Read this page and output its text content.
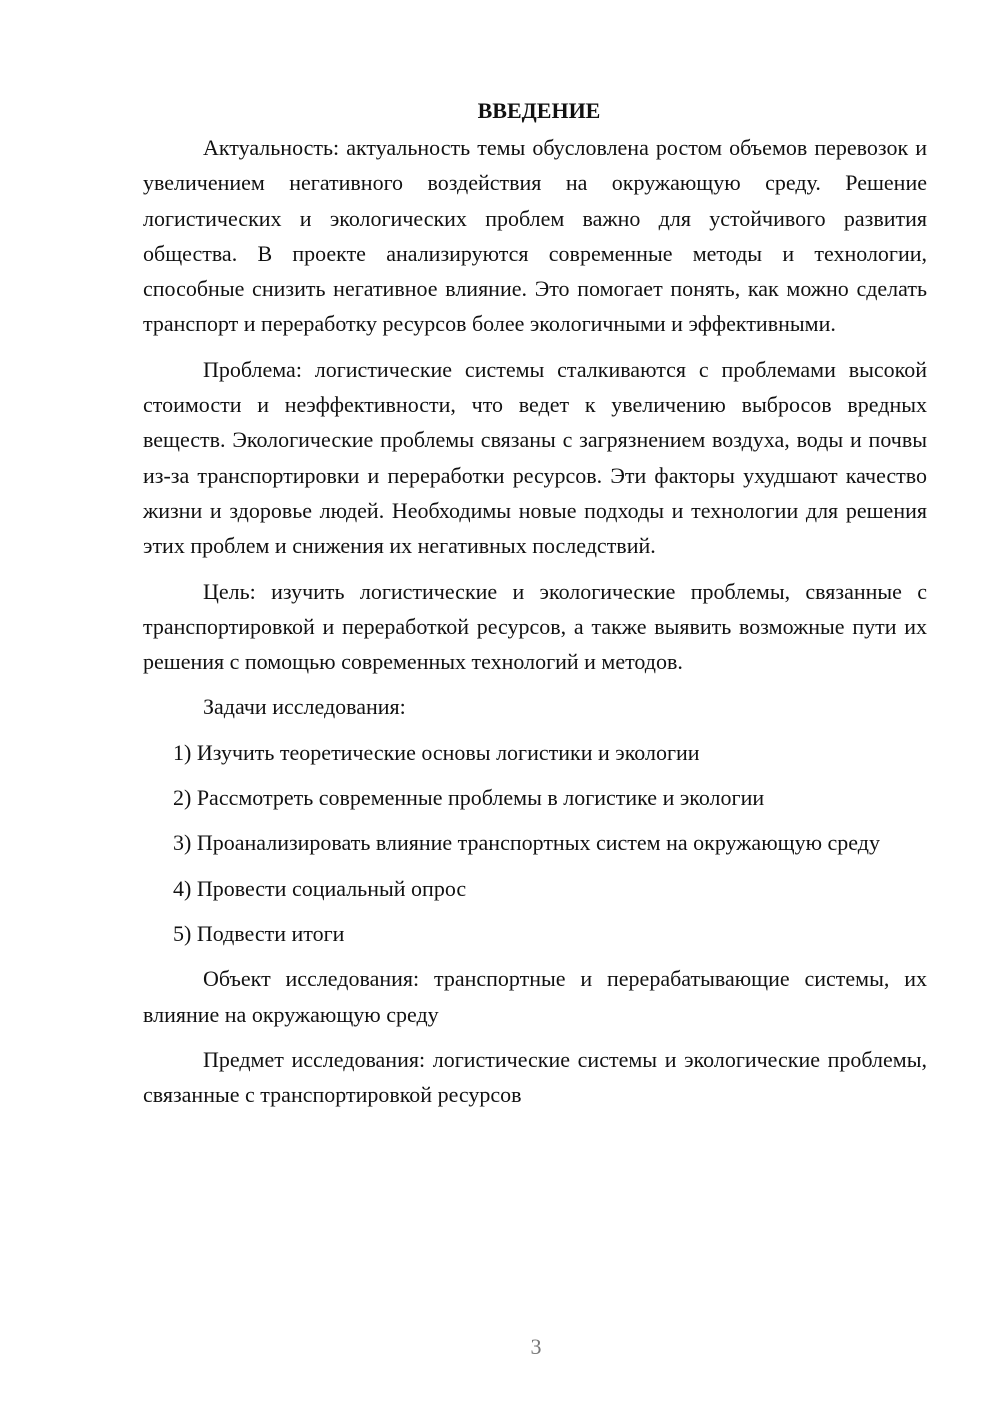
ВВЕДЕНИЕ

Актуальность: актуальность темы обусловлена ростом объемов перевозок и увеличением негативного воздействия на окружающую среду. Решение логистических и экологических проблем важно для устойчивого развития общества. В проекте анализируются современные методы и технологии, способные снизить негативное влияние. Это помогает понять, как можно сделать транспорт и переработку ресурсов более экологичными и эффективными.

Проблема: логистические системы сталкиваются с проблемами высокой стоимости и неэффективности, что ведет к увеличению выбросов вредных веществ. Экологические проблемы связаны с загрязнением воздуха, воды и почвы из-за транспортировки и переработки ресурсов. Эти факторы ухудшают качество жизни и здоровье людей. Необходимы новые подходы и технологии для решения этих проблем и снижения их негативных последствий.

Цель: изучить логистические и экологические проблемы, связанные с транспортировкой и переработкой ресурсов, а также выявить возможные пути их решения с помощью современных технологий и методов.

Задачи исследования:

1) Изучить теоретические основы логистики и экологии

2) Рассмотреть современные проблемы в логистике и экологии

3) Проанализировать влияние транспортных систем на окружающую среду

4) Провести социальный опрос

5) Подвести итоги

Объект исследования: транспортные и перерабатывающие системы, их влияние на окружающую среду

Предмет исследования: логистические системы и экологические проблемы, связанные с транспортировкой ресурсов

3
